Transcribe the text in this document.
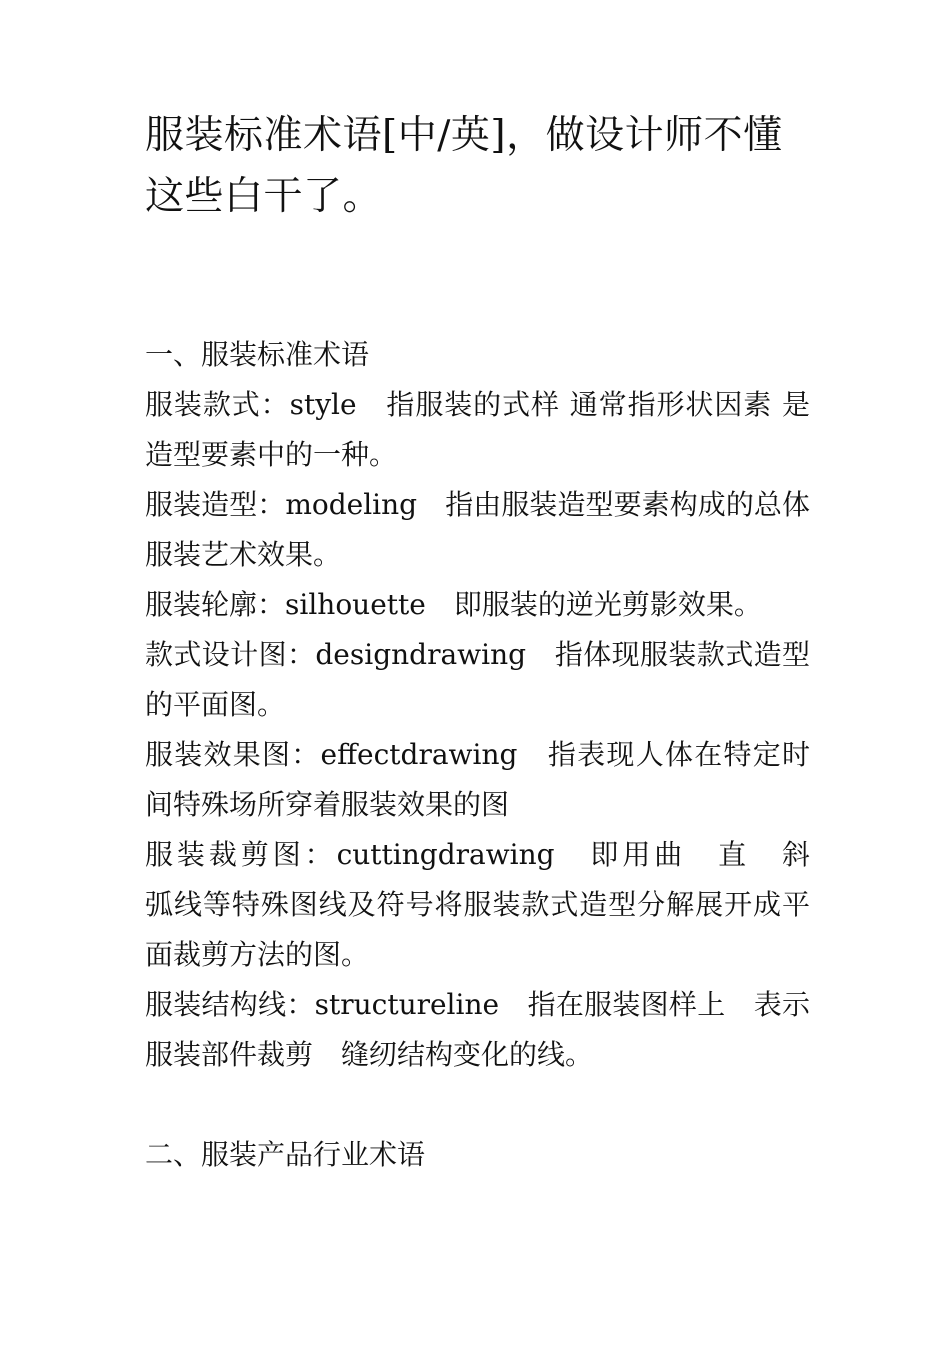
服装标准术语[中/英]，做设计师不懂这些白干了。
一、服装标准术语

服装款式：style　指服装的式样 通常指形状因素 是造型要素中的一种。

服装造型：modeling　指由服装造型要素构成的总体服装艺术效果。

服装轮廓：silhouette　即服装的逆光剪影效果。

款式设计图：designdrawing　指体现服装款式造型的平面图。

服装效果图：effectdrawing　指表现人体在特定时间特殊场所穿着服装效果的图

服装裁剪图：cuttingdrawing　即用曲　直　斜　弧线等特殊图线及符号将服装款式造型分解展开成平面裁剪方法的图。

服装结构线：structureline　指在服装图样上　表示服装部件裁剪　缝纫结构变化的线。

二、服装产品行业术语
